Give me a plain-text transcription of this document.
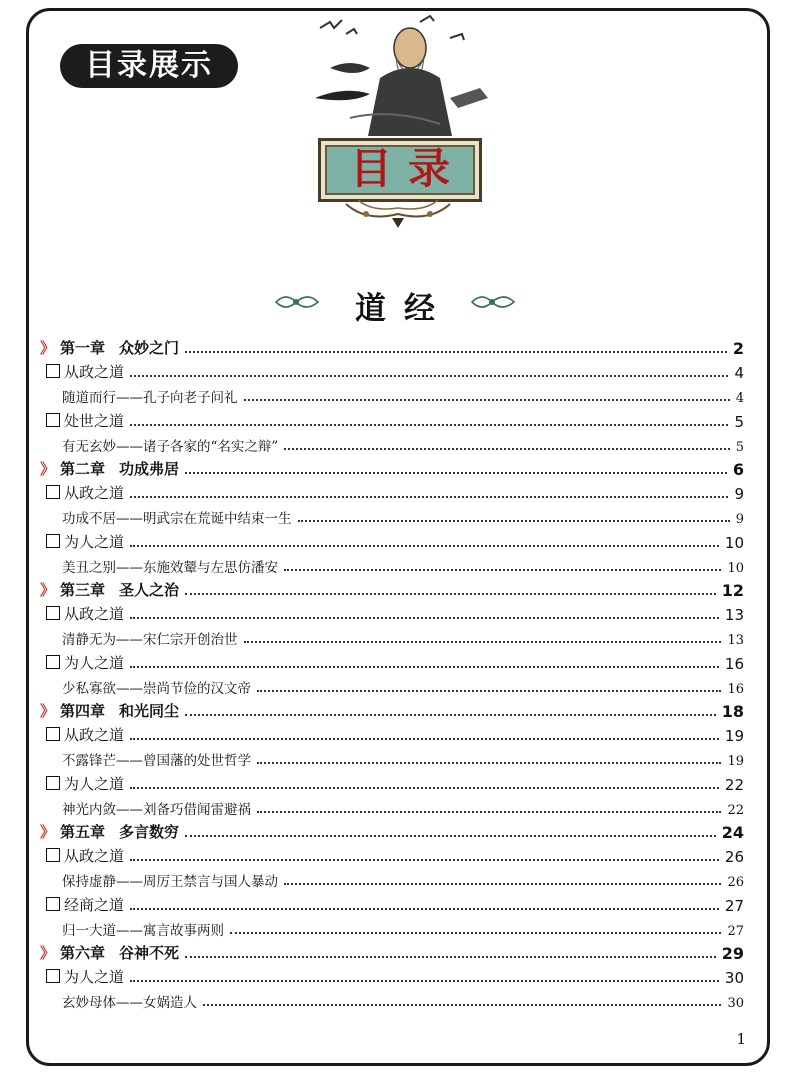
目录展示
目录
道经
》 第一章 众妙之门	2
从政之道	4
随道而行——孔子向老子问礼	4
处世之道	5
有无玄妙——诸子各家的“名实之辩”	5
》 第二章 功成弗居	6
从政之道	9
功成不居——明武宗在荒诞中结束一生	9
为人之道	10
美丑之别——东施效颦与左思仿潘安	10
》 第三章 圣人之治	12
从政之道	13
清静无为——宋仁宗开创治世	13
为人之道	16
少私寡欲——崇尚节俭的汉文帝	16
》 第四章 和光同尘	18
从政之道	19
不露锋芒——曾国藩的处世哲学	19
为人之道	22
神光内敛——刘备巧借闻雷避祸	22
》 第五章 多言数穷	24
从政之道	26
保持虚静——周厉王禁言与国人暴动	26
经商之道	27
归一大道——寓言故事两则	27
》 第六章 谷神不死	29
为人之道	30
玄妙母体——女娲造人	30
1
